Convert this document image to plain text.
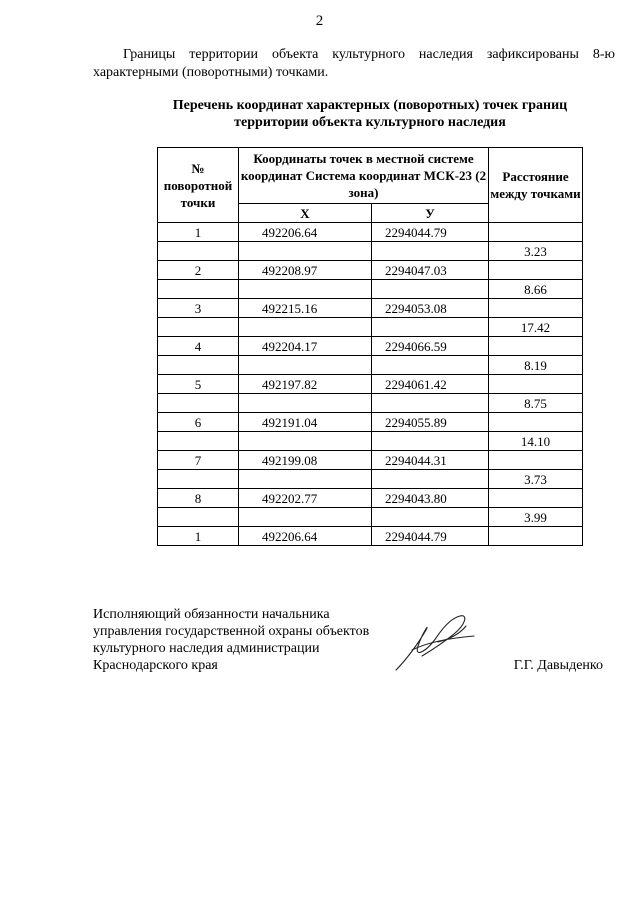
2
Границы территории объекта культурного наследия зафиксированы 8-ю характерными (поворотными) точками.
Перечень координат характерных (поворотных) точек границ
территории объекта культурного наследия
№ поворотной точки	Координаты точек в местной системе координат Система координат МСК-23 (2 зона)		Расстояние между точками
	Х	У	
1	492206.64	2294044.79	
			3.23
2	492208.97	2294047.03	
			8.66
3	492215.16	2294053.08	
			17.42
4	492204.17	2294066.59	
			8.19
5	492197.82	2294061.42	
			8.75
6	492191.04	2294055.89	
			14.10
7	492199.08	2294044.31	
			3.73
8	492202.77	2294043.80	
			3.99
1	492206.64	2294044.79	
Исполняющий обязанности начальника
управления государственной охраны объектов
культурного наследия администрации
Краснодарского края	Г.Г. Давыденко
